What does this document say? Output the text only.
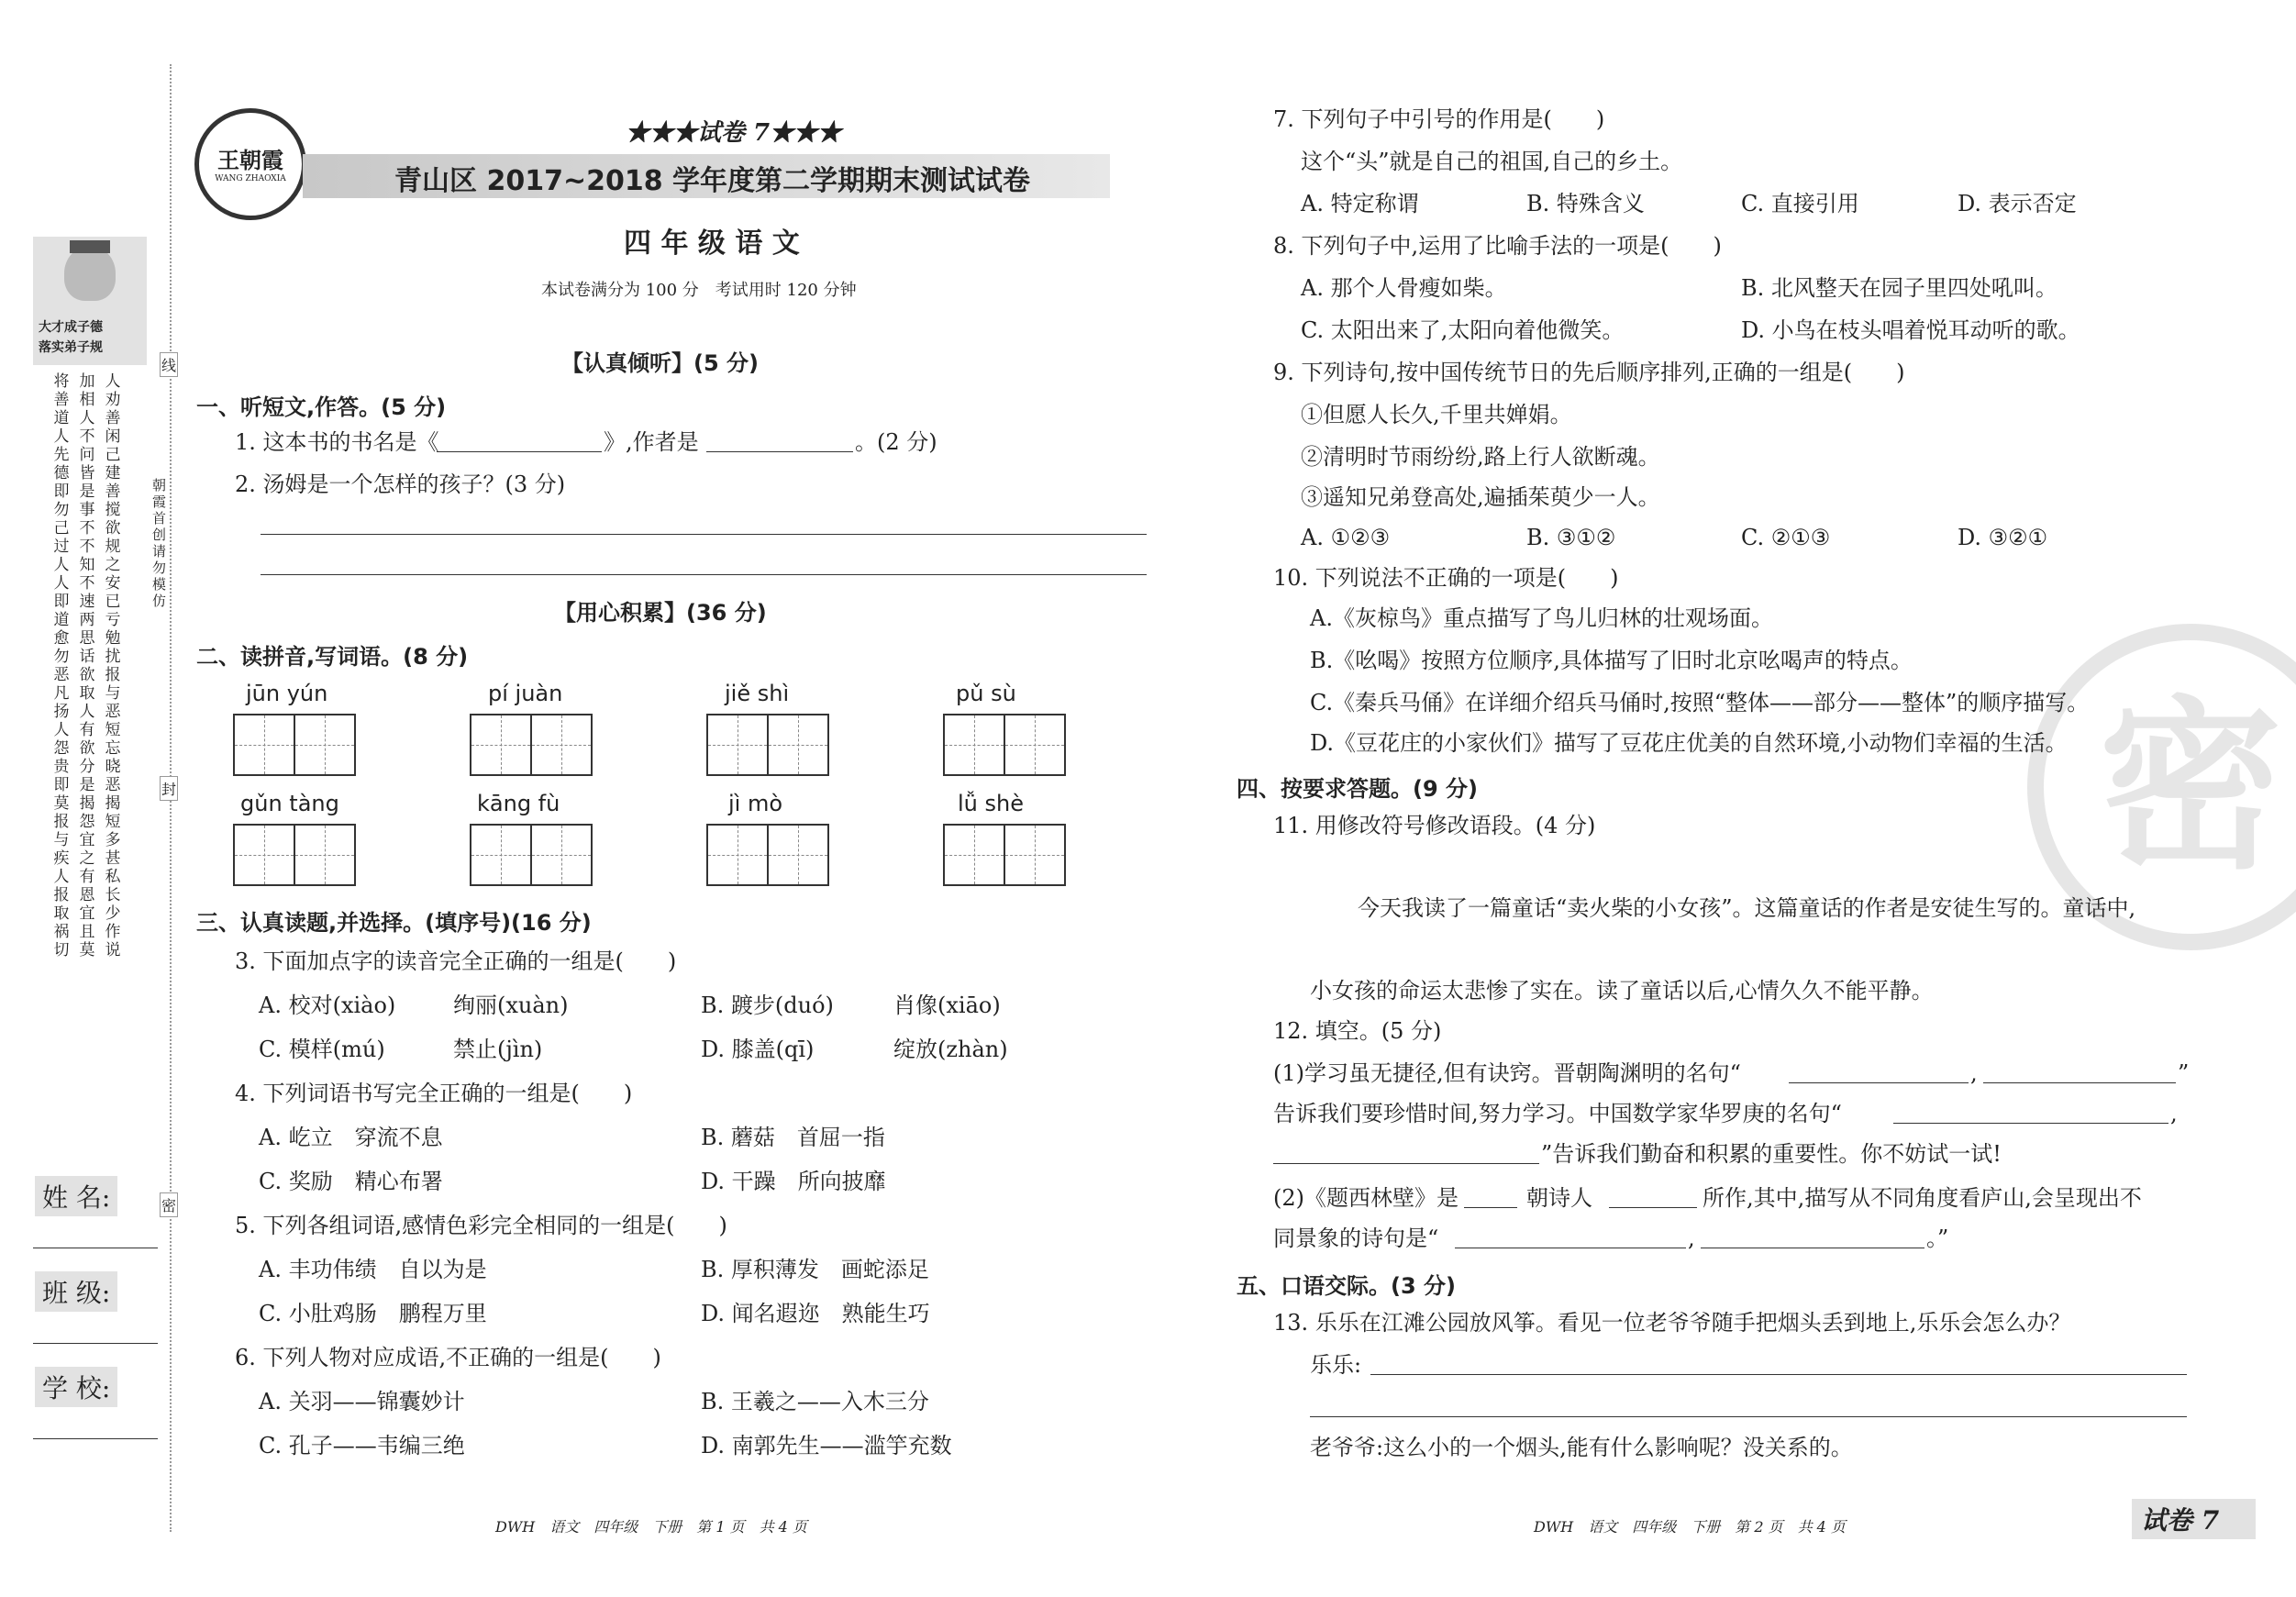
大才成子德
落实弟子规
将善道人
加相人不
人劝善闲
先德即勿
问皆是事
己建善搅
己过人人
不不知不
欲规之安
即道愈勿
速两思话
已亏勉扰
恶凡扬人
欲取人有
报与恶短
怨贵即莫
欲分是揭
忘晓恶揭
报与疾人
怨宜之有
短多甚私
报取祸切
恩宜且莫
长少作说
线
封
密
朝霞首创 请勿模仿
姓 名:
班 级:
学 校:
王朝霞
WANG ZHAOXIA
★★★试卷 7★★★
青山区 2017~2018 学年度第二学期期末测试试卷
四 年 级 语 文
本试卷满分为 100 分　考试用时 120 分钟
【认真倾听】(5 分)
一、听短文,作答。(5 分)
1. 这本书的书名是《	》,作者是	。(2 分)
2. 汤姆是一个怎样的孩子？(3 分)
【用心积累】(36 分)
二、读拼音,写词语。(8 分)
jūn yún	pí juàn	jiě shì	pǔ sù
gǔn tàng	kāng fù	jì mò	lǚ shè
三、认真读题,并选择。(填序号)(16 分)
3. 下面加点字的读音完全正确的一组是(　　)
A. 校对(xiào)	绚丽(xuàn)	B. 踱步(duó)	肖像(xiāo)
C. 模样(mú)	禁止(jìn)	D. 膝盖(qī)	绽放(zhàn)
4. 下列词语书写完全正确的一组是(　　)
A. 屹立　穿流不息	B. 蘑菇　首屈一指
C. 奖励　精心布署	D. 干躁　所向披靡
5. 下列各组词语,感情色彩完全相同的一组是(　　)
A. 丰功伟绩　自以为是	B. 厚积薄发　画蛇添足
C. 小肚鸡肠　鹏程万里	D. 闻名遐迩　熟能生巧
6. 下列人物对应成语,不正确的一组是(　　)
A. 关羽——锦囊妙计	B. 王羲之——入木三分
C. 孔子——韦编三绝	D. 南郭先生——滥竽充数
DWH　语文　四年级　下册　第 1 页　共 4 页
密
7. 下列句子中引号的作用是(　　)
这个“头”就是自己的祖国,自己的乡土。
A. 特定称谓	B. 特殊含义	C. 直接引用	D. 表示否定
8. 下列句子中,运用了比喻手法的一项是(　　)
A. 那个人骨瘦如柴。	B. 北风整天在园子里四处吼叫。
C. 太阳出来了,太阳向着他微笑。	D. 小鸟在枝头唱着悦耳动听的歌。
9. 下列诗句,按中国传统节日的先后顺序排列,正确的一组是(　　)
①但愿人长久,千里共婵娟。
②清明时节雨纷纷,路上行人欲断魂。
③遥知兄弟登高处,遍插茱萸少一人。
A. ①②③	B. ③①②	C. ②①③	D. ③②①
10. 下列说法不正确的一项是(　　)
A.《灰椋鸟》重点描写了鸟儿归林的壮观场面。
B.《吆喝》按照方位顺序,具体描写了旧时北京吆喝声的特点。
C.《秦兵马俑》在详细介绍兵马俑时,按照“整体——部分——整体”的顺序描写。
D.《豆花庄的小家伙们》描写了豆花庄优美的自然环境,小动物们幸福的生活。
四、按要求答题。(9 分)
11. 用修改符号修改语段。(4 分)
今天我读了一篇童话“卖火柴的小女孩”。这篇童话的作者是安徒生写的。童话中,
小女孩的命运太悲惨了实在。读了童话以后,心情久久不能平静。
12. 填空。(5 分)
(1)学习虽无捷径,但有诀窍。晋朝陶渊明的名句“	,	”
告诉我们要珍惜时间,努力学习。中国数学家华罗庚的名句“	,
”告诉我们勤奋和积累的重要性。你不妨试一试!
(2)《题西林壁》是	朝诗人	所作,其中,描写从不同角度看庐山,会呈现出不
同景象的诗句是“	,	。”
五、口语交际。(3 分)
13. 乐乐在江滩公园放风筝。看见一位老爷爷随手把烟头丢到地上,乐乐会怎么办？
乐乐:
老爷爷:这么小的一个烟头,能有什么影响呢？没关系的。
DWH　语文　四年级　下册　第 2 页　共 4 页	试卷 7
